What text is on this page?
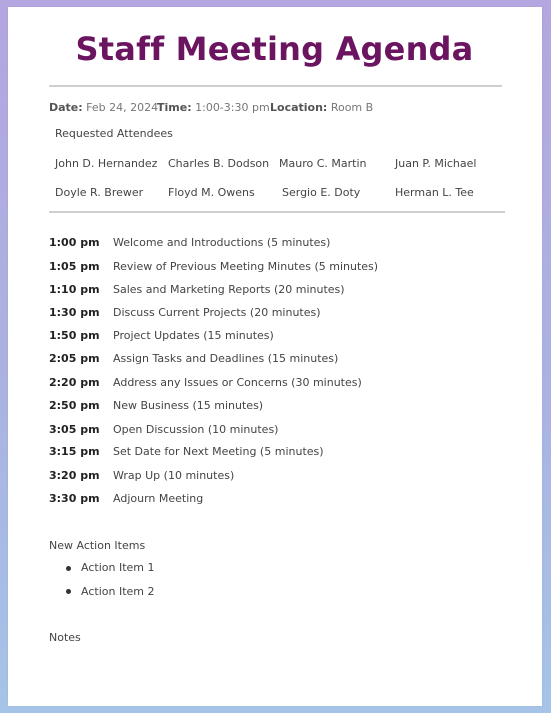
Staff Meeting Agenda
Date: Feb 24, 2024
Time: 1:00-3:30 pm Location: Room B
Requested Attendees
John D. Hernandez Charles B. Dodson Mauro C. Martin	Juan P. Michael
Doyle R. Brewer Floyd M. Owens Sergio E. Doty	Herman L. Tee
1:00 pm Welcome and Introductions (5 minutes)
1:05 pm Review of Previous Meeting Minutes (5 minutes)
1:10 pm Sales and Marketing Reports (20 minutes)
1:30 pm Discuss Current Projects (20 minutes)
1:50 pm Project Updates (15 minutes)
2:05 pm Assign Tasks and Deadlines (15 minutes)
2:20 pm Address any Issues or Concerns (30 minutes)
2:50 pm New Business (15 minutes)
3:05 pm Open Discussion (10 minutes)
3:15 pm Set Date for Next Meeting (5 minutes)
3:20 pm Wrap Up (10 minutes)
3:30 pm Adjourn Meeting
New Action Items
Action Item 1
Action Item 2
Notes
